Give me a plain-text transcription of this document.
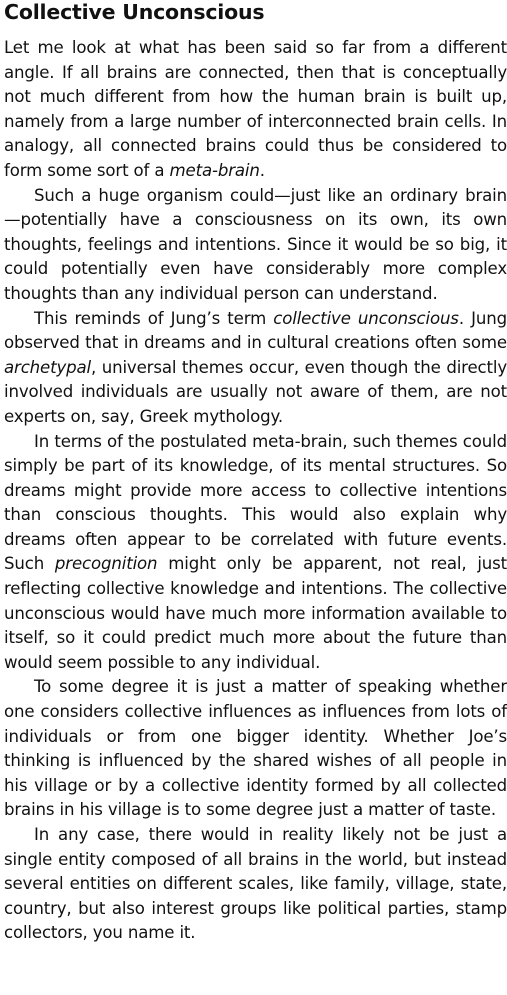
Collective Unconscious

Let me look at what has been said so far from a different angle. If all brains are connected, then that is conceptually not much different from how the human brain is built up, namely from a large number of interconnected brain cells. In analogy, all connected brains could thus be considered to form some sort of a meta-brain.

Such a huge organism could—just like an ordinary brain—potentially have a consciousness on its own, its own thoughts, feelings and intentions. Since it would be so big, it could potentially even have considerably more complex thoughts than any individual person can understand.

This reminds of Jung’s term collective unconscious. Jung observed that in dreams and in cultural creations often some archetypal, universal themes occur, even though the directly involved individuals are usually not aware of them, are not experts on, say, Greek mythology.

In terms of the postulated meta-brain, such themes could simply be part of its knowledge, of its mental structures. So dreams might provide more access to collective intentions than conscious thoughts. This would also explain why dreams often appear to be correlated with future events. Such precognition might only be apparent, not real, just reflecting collective knowledge and intentions. The collective unconscious would have much more information available to itself, so it could predict much more about the future than would seem possible to any individual.

To some degree it is just a matter of speaking whether one considers collective influences as influences from lots of individuals or from one bigger identity. Whether Joe’s thinking is influenced by the shared wishes of all people in his village or by a collective identity formed by all collected brains in his village is to some degree just a matter of taste.

In any case, there would in reality likely not be just a single entity composed of all brains in the world, but instead several entities on different scales, like family, village, state, country, but also interest groups like political parties, stamp collectors, you name it.
